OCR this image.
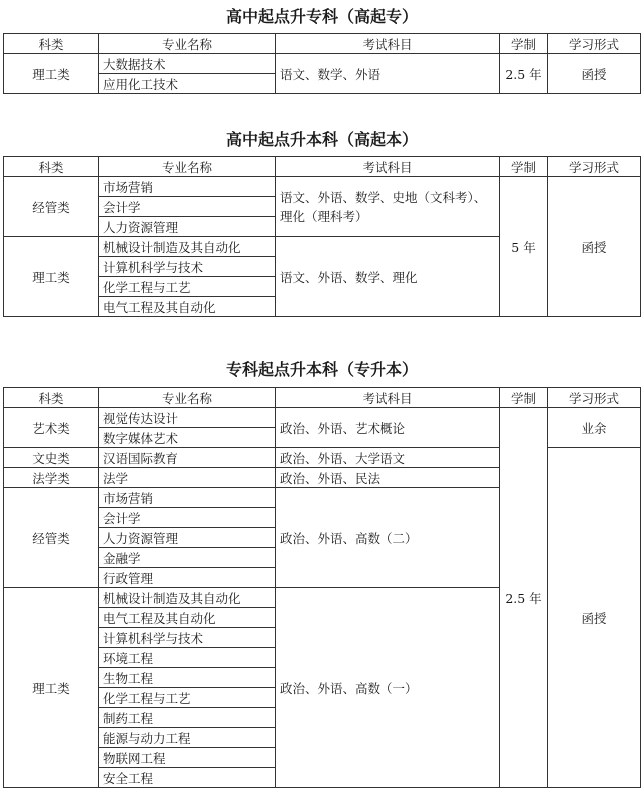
高中起点升专科（高起专）
科类	专业名称	考试科目	学制	学习形式
理工类	大数据技术	语文、数学、外语	2.5 年	函授
	应用化工技术			
高中起点升本科（高起本）
科类	专业名称	考试科目	学制	学习形式
经管类	市场营销	语文、外语、数学、史地（文科考）、理化（理科考）	5 年	函授
	会计学			
	人力资源管理			
理工类	机械设计制造及其自动化	语文、外语、数学、理化		
	计算机科学与技术			
	化学工程与工艺			
	电气工程及其自动化			
专科起点升本科（专升本）
科类	专业名称	考试科目	学制	学习形式
艺术类	视觉传达设计	政治、外语、艺术概论	2.5 年	业余
	数字媒体艺术			
文史类	汉语国际教育	政治、外语、大学语文		函授
法学类	法学	政治、外语、民法		
经管类	市场营销	政治、外语、高数（二）		
	会计学			
	人力资源管理			
	金融学			
	行政管理			
理工类	机械设计制造及其自动化	政治、外语、高数（一）		
	电气工程及其自动化			
	计算机科学与技术			
	环境工程			
	生物工程			
	化学工程与工艺			
	制药工程			
	能源与动力工程			
	物联网工程			
	安全工程			
